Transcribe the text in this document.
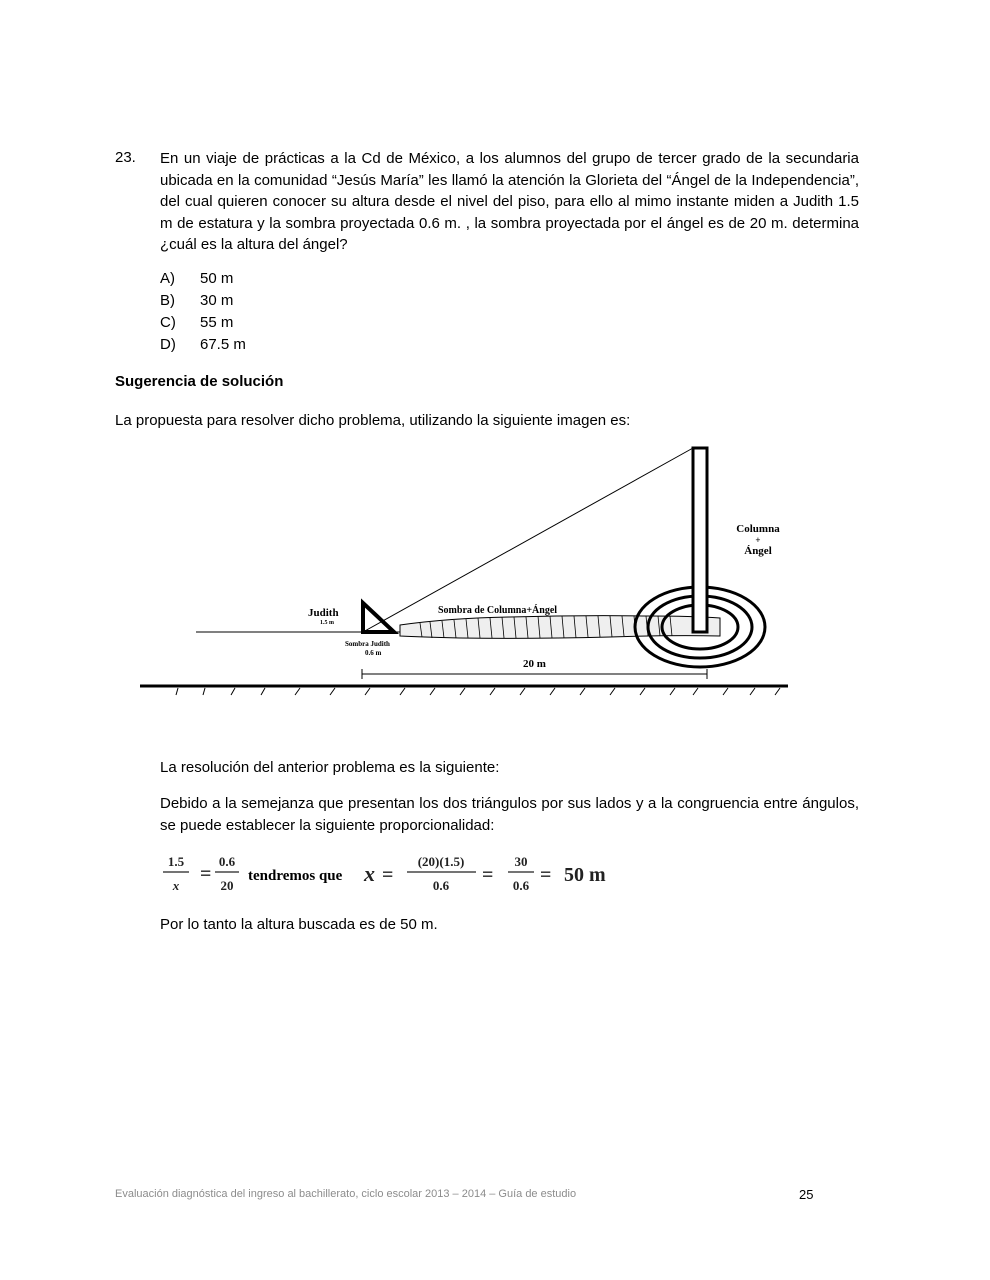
23. En un viaje de prácticas a la Cd de México, a los alumnos del grupo de tercer grado de la secundaria ubicada en la comunidad “Jesús María” les llamó la atención la Glorieta del “Ángel de la Independencia”, del cual quieren conocer su altura desde el nivel del piso, para ello al mimo instante miden a Judith 1.5 m de estatura y la sombra proyectada 0.6 m. , la sombra proyectada por el ángel es de 20 m. determina ¿cuál es la altura del ángel?
A) 50 m
B) 30 m
C) 55 m
D) 67.5 m
Sugerencia de solución
La propuesta para resolver dicho problema, utilizando la siguiente imagen es:
Columna
+
Ángel
Judith
1.5 m
Sombra de Columna+Ángel
Sombra Judith
0.6 m
20 m
La resolución del anterior problema es la siguiente:
Debido a la semejanza que presentan los dos triángulos por sus lados y a la congruencia entre ángulos, se puede establecer la siguiente proporcionalidad:
1.5
x
=
0.6
20
tendremos que x =
(20)(1.5)
0.6 =
30
0.6 = 50 m
Por lo tanto la altura buscada es de 50 m.
Evaluación diagnóstica del ingreso al bachillerato, ciclo escolar 2013 – 2014 – Guía de estudio	25
